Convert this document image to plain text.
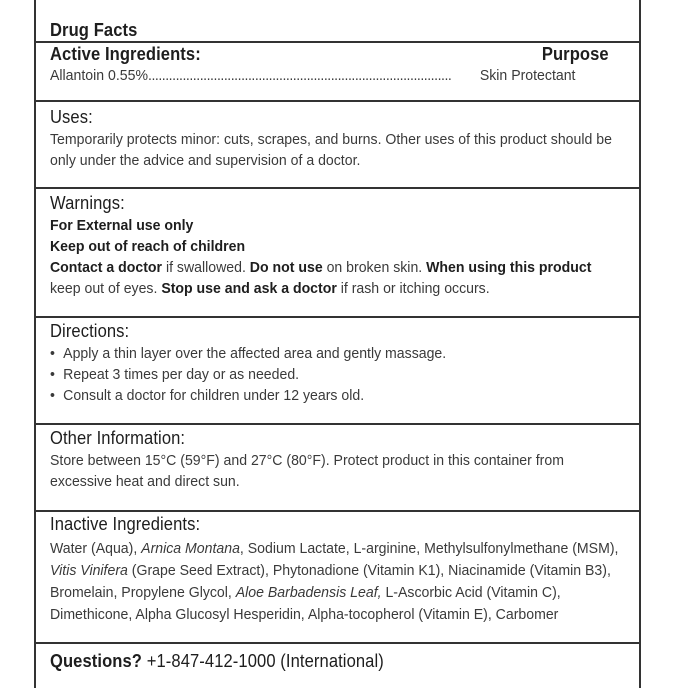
Drug Facts
Active Ingredients:	Purpose
Allantoin 0.55% ........................................................................................	Skin Protectant
Uses:
Temporarily protects minor: cuts, scrapes, and burns. Other uses of this product should be
only under the advice and supervision of a doctor.
Warnings:
For External use only
Keep out of reach of children
Contact a doctor if swallowed. Do not use on broken skin. When using this product
keep out of eyes. Stop use and ask a doctor if rash or itching occurs.
Directions:
• Apply a thin layer over the affected area and gently massage.
• Repeat 3 times per day or as needed.
• Consult a doctor for children under 12 years old.
Other Information:
Store between 15°C (59°F) and 27°C (80°F). Protect product in this container from
excessive heat and direct sun.
Inactive Ingredients:
Water (Aqua), Arnica Montana, Sodium Lactate, L-arginine, Methylsulfonylmethane (MSM),
Vitis Vinifera (Grape Seed Extract), Phytonadione (Vitamin K1), Niacinamide (Vitamin B3),
Bromelain, Propylene Glycol, Aloe Barbadensis Leaf, L-Ascorbic Acid (Vitamin C),
Dimethicone, Alpha Glucosyl Hesperidin, Alpha-tocopherol (Vitamin E), Carbomer
Questions? +1-847-412-1000 (International)
